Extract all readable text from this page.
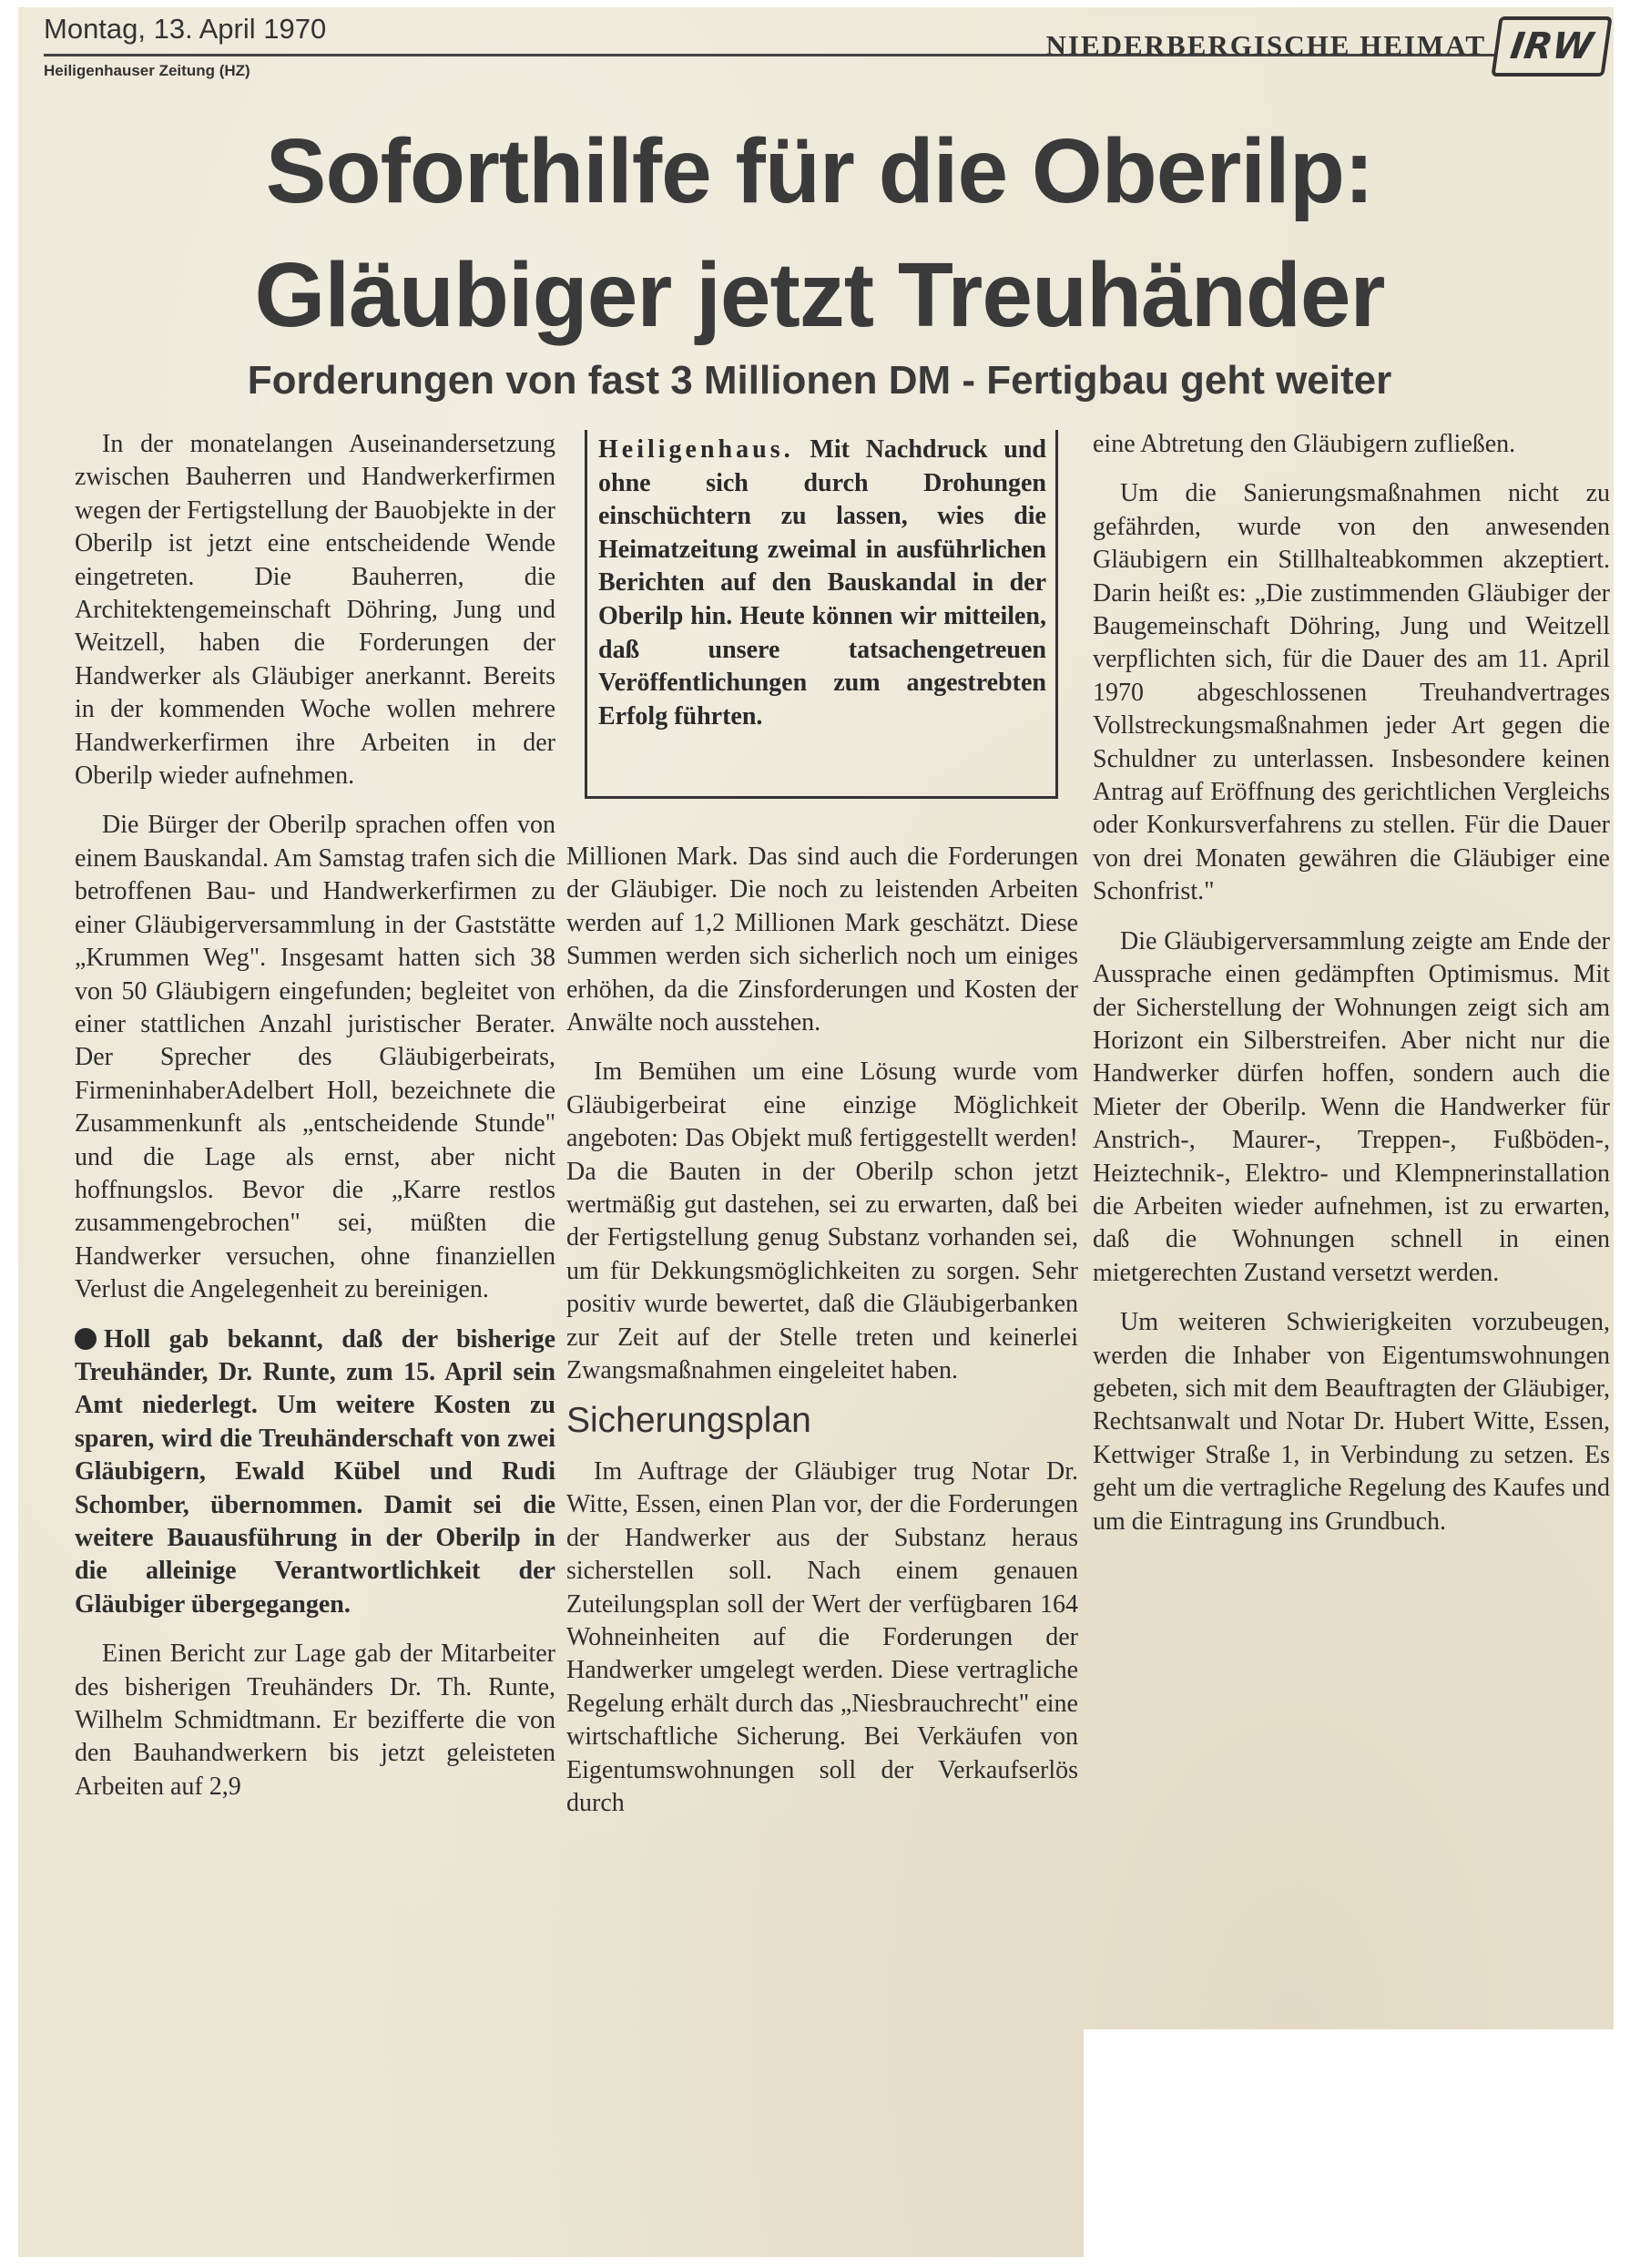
Montag, 13. April 1970
Heiligenhauser Zeitung (HZ)
NIEDERBERGISCHE HEIMAT IRW
Soforthilfe für die Oberilp:
Gläubiger jetzt Treuhänder
Forderungen von fast 3 Millionen DM - Fertigbau geht weiter

In der monatelangen Auseinandersetzung zwischen Bauherren und Handwerkerfirmen wegen der Fertigstellung der Bauobjekte in der Oberilp ist jetzt eine entscheidende Wende eingetreten. Die Bauherren, die Architektengemeinschaft Döhring, Jung und Weitzell, haben die Forderungen der Handwerker als Gläubiger anerkannt. Bereits in der kommenden Woche wollen mehrere Handwerkerfirmen ihre Arbeiten in der Oberilp wieder aufnehmen.

Die Bürger der Oberilp sprachen offen von einem Bauskandal. Am Samstag trafen sich die betroffenen Bau- und Handwerkerfirmen zu einer Gläubigerversammlung in der Gaststätte „Krummen Weg". Insgesamt hatten sich 38 von 50 Gläubigern eingefunden; begleitet von einer stattlichen Anzahl juristischer Berater. Der Sprecher des Gläubigerbeirats, FirmeninhaberAdelbert Holl, bezeichnete die Zusammenkunft als „entscheidende Stunde" und die Lage als ernst, aber nicht hoffnungslos. Bevor die „Karre restlos zusammengebrochen" sei, müßten die Handwerker versuchen, ohne finanziellen Verlust die Angelegenheit zu bereinigen.

Holl gab bekannt, daß der bisherige Treuhänder, Dr. Runte, zum 15. April sein Amt niederlegt. Um weitere Kosten zu sparen, wird die Treuhänderschaft von zwei Gläubigern, Ewald Kübel und Rudi Schomber, übernommen. Damit sei die weitere Bauausführung in der Oberilp in die alleinige Verantwortlichkeit der Gläubiger übergegangen.

Einen Bericht zur Lage gab der Mitarbeiter des bisherigen Treuhänders Dr. Th. Runte, Wilhelm Schmidtmann. Er bezifferte die von den Bauhandwerkern bis jetzt geleisteten Arbeiten auf 2,9

Heiligenhaus. Mit Nachdruck und ohne sich durch Drohungen einschüchtern zu lassen, wies die Heimatzeitung zweimal in ausführlichen Berichten auf den Bauskandal in der Oberilp hin. Heute können wir mitteilen, daß unsere tatsachengetreuen Veröffentlichungen zum angestrebten Erfolg führten.

Millionen Mark. Das sind auch die Forderungen der Gläubiger. Die noch zu leistenden Arbeiten werden auf 1,2 Millionen Mark geschätzt. Diese Summen werden sich sicherlich noch um einiges erhöhen, da die Zinsforderungen und Kosten der Anwälte noch ausstehen.

Im Bemühen um eine Lösung wurde vom Gläubigerbeirat eine einzige Möglichkeit angeboten: Das Objekt muß fertiggestellt werden! Da die Bauten in der Oberilp schon jetzt wertmäßig gut dastehen, sei zu erwarten, daß bei der Fertigstellung genug Substanz vorhanden sei, um für Dekkungsmöglichkeiten zu sorgen. Sehr positiv wurde bewertet, daß die Gläubigerbanken zur Zeit auf der Stelle treten und keinerlei Zwangsmaßnahmen eingeleitet haben.

Sicherungsplan

Im Auftrage der Gläubiger trug Notar Dr. Witte, Essen, einen Plan vor, der die Forderungen der Handwerker aus der Substanz heraus sicherstellen soll. Nach einem genauen Zuteilungsplan soll der Wert der verfügbaren 164 Wohneinheiten auf die Forderungen der Handwerker umgelegt werden. Diese vertragliche Regelung erhält durch das „Niesbrauchrecht" eine wirtschaftliche Sicherung. Bei Verkäufen von Eigentumswohnungen soll der Verkaufserlös durch

eine Abtretung den Gläubigern zufließen.

Um die Sanierungsmaßnahmen nicht zu gefährden, wurde von den anwesenden Gläubigern ein Stillhalteabkommen akzeptiert. Darin heißt es: „Die zustimmenden Gläubiger der Baugemeinschaft Döhring, Jung und Weitzell verpflichten sich, für die Dauer des am 11. April 1970 abgeschlossenen Treuhandvertrages Vollstreckungsmaßnahmen jeder Art gegen die Schuldner zu unterlassen. Insbesondere keinen Antrag auf Eröffnung des gerichtlichen Vergleichs oder Konkursverfahrens zu stellen. Für die Dauer von drei Monaten gewähren die Gläubiger eine Schonfrist."

Die Gläubigerversammlung zeigte am Ende der Aussprache einen gedämpften Optimismus. Mit der Sicherstellung der Wohnungen zeigt sich am Horizont ein Silberstreifen. Aber nicht nur die Handwerker dürfen hoffen, sondern auch die Mieter der Oberilp. Wenn die Handwerker für Anstrich-, Maurer-, Treppen-, Fußböden-, Heiztechnik-, Elektro- und Klempnerinstallation die Arbeiten wieder aufnehmen, ist zu erwarten, daß die Wohnungen schnell in einen mietgerechten Zustand versetzt werden.

Um weiteren Schwierigkeiten vorzubeugen, werden die Inhaber von Eigentumswohnungen gebeten, sich mit dem Beauftragten der Gläubiger, Rechtsanwalt und Notar Dr. Hubert Witte, Essen, Kettwiger Straße 1, in Verbindung zu setzen. Es geht um die vertragliche Regelung des Kaufes und um die Eintragung ins Grundbuch.
